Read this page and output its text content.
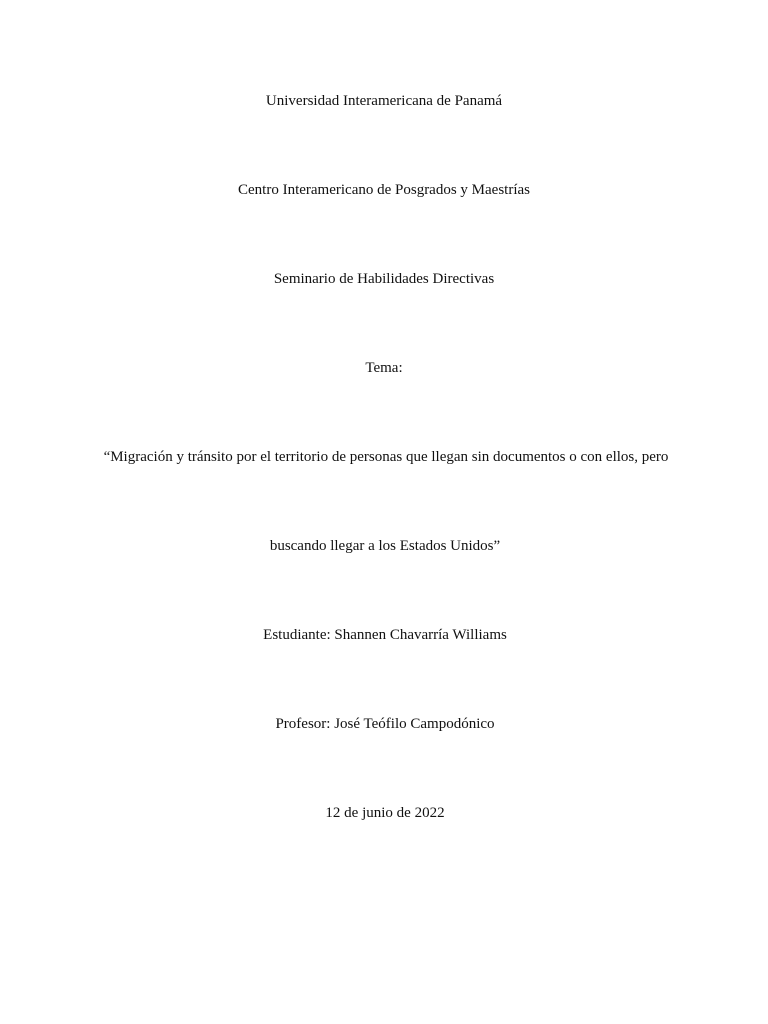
Universidad Interamericana de Panamá
Centro Interamericano de Posgrados y Maestrías
Seminario de Habilidades Directivas
Tema:
“Migración y tránsito por el territorio de personas que llegan sin documentos o con ellos, pero
buscando llegar a los Estados Unidos”
Estudiante: Shannen Chavarría Williams
Profesor: José Teófilo Campodónico
12 de junio de 2022
